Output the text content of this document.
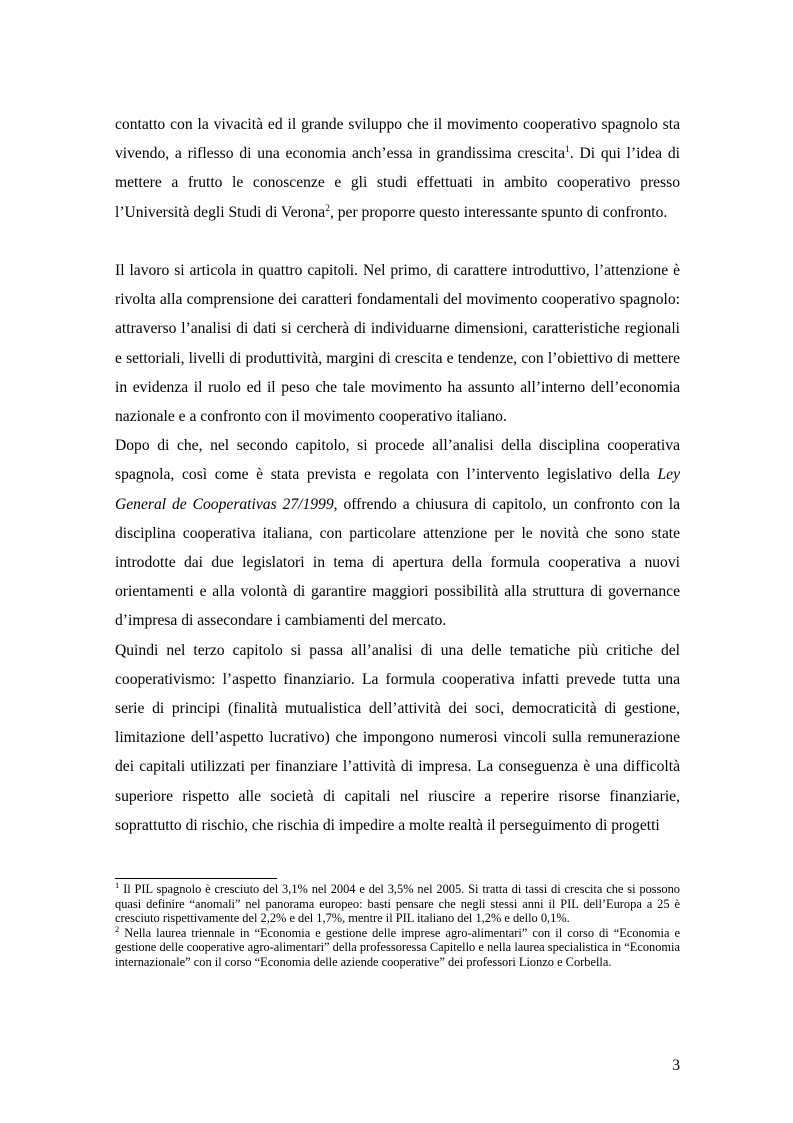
contatto con la vivacità ed il grande sviluppo che il movimento cooperativo spagnolo sta vivendo, a riflesso di una economia anch’essa in grandissima crescita$^1$. Di qui l’idea di mettere a frutto le conoscenze e gli studi effettuati in ambito cooperativo presso l’Università degli Studi di Verona$^2$, per proporre questo interessante spunto di confronto.

Il lavoro si articola in quattro capitoli. Nel primo, di carattere introduttivo, l’attenzione è rivolta alla comprensione dei caratteri fondamentali del movimento cooperativo spagnolo: attraverso l’analisi di dati si cercherà di individuarne dimensioni, caratteristiche regionali e settoriali, livelli di produttività, margini di crescita e tendenze, con l’obiettivo di mettere in evidenza il ruolo ed il peso che tale movimento ha assunto all’interno dell’economia nazionale e a confronto con il movimento cooperativo italiano.

Dopo di che, nel secondo capitolo, si procede all’analisi della disciplina cooperativa spagnola, così come è stata prevista e regolata con l’intervento legislativo della Ley General de Cooperativas 27/1999, offrendo a chiusura di capitolo, un confronto con la disciplina cooperativa italiana, con particolare attenzione per le novità che sono state introdotte dai due legislatori in tema di apertura della formula cooperativa a nuovi orientamenti e alla volontà di garantire maggiori possibilità alla struttura di governance d’impresa di assecondare i cambiamenti del mercato.

Quindi nel terzo capitolo si passa all’analisi di una delle tematiche più critiche del cooperativismo: l’aspetto finanziario. La formula cooperativa infatti prevede tutta una serie di principi (finalità mutualistica dell’attività dei soci, democraticità di gestione, limitazione dell’aspetto lucrativo) che impongono numerosi vincoli sulla remunerazione dei capitali utilizzati per finanziare l’attività di impresa. La conseguenza è una difficoltà superiore rispetto alle società di capitali nel riuscire a reperire risorse finanziarie, soprattutto di rischio, che rischia di impedire a molte realtà il perseguimento di progetti

$^1$ Il PIL spagnolo è cresciuto del 3,1% nel 2004 e del 3,5% nel 2005. Si tratta di tassi di crescita che si possono quasi definire “anomali” nel panorama europeo: basti pensare che negli stessi anni il PIL dell’Europa a 25 è cresciuto rispettivamente del 2,2% e del 1,7%, mentre il PIL italiano del 1,2% e dello 0,1%.

$^2$ Nella laurea triennale in “Economia e gestione delle imprese agro-alimentari” con il corso di “Economia e gestione delle cooperative agro-alimentari” della professoressa Capitello e nella laurea specialistica in “Economia internazionale” con il corso “Economia delle aziende cooperative” dei professori Lionzo e Corbella.

3
